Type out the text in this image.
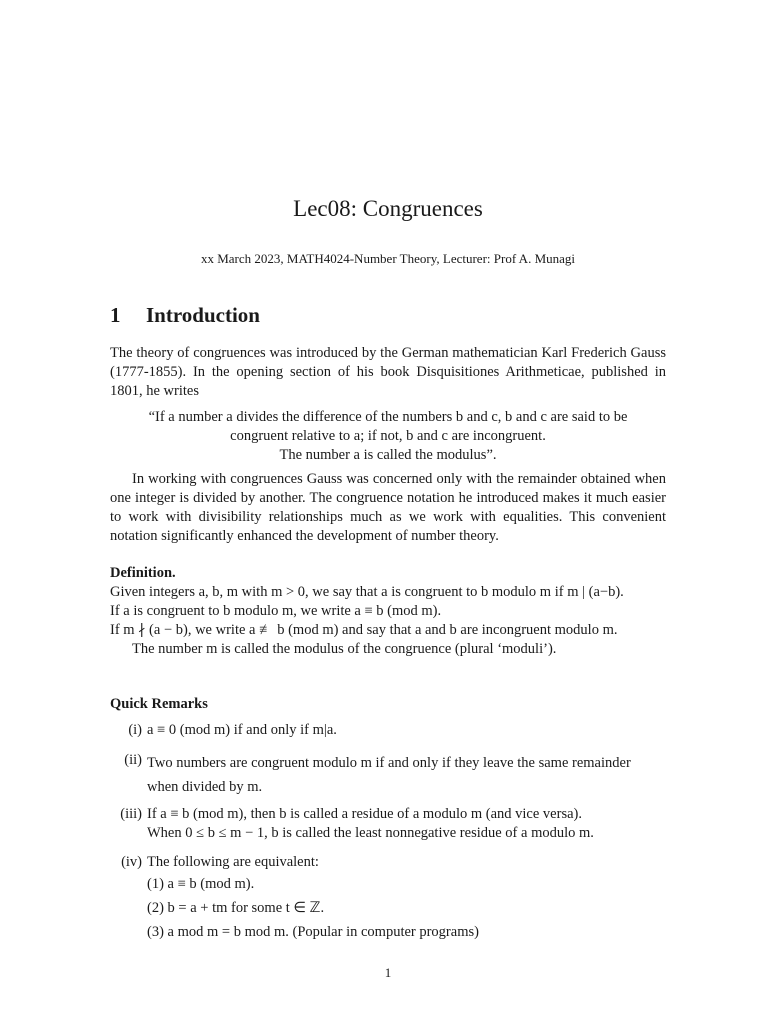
Lec08: Congruences

xx March 2023, MATH4024-Number Theory, Lecturer: Prof A. Munagi

1 Introduction
The theory of congruences was introduced by the German mathematician Karl Frederich Gauss (1777-1855). In the opening section of his book Disquisitiones Arithmeticae, published in 1801, he writes

“If a number a divides the difference of the numbers b and c, b and c are said to be

congruent relative to a; if not, b and c are incongruent.

The number a is called the modulus”.

In working with congruences Gauss was concerned only with the remainder obtained when one integer is divided by another. The congruence notation he introduced makes it much easier to work with divisibility relationships much as we work with equalities. This convenient notation significantly enhanced the development of number theory.

Definition.

Given integers a, b, m with m > 0, we say that a is congruent to b modulo m if m | (a−b).

If a is congruent to b modulo m, we write a ≡ b (mod m).

If m ∤ (a − b), we write a ≢ b (mod m) and say that a and b are incongruent modulo m.

The number m is called the modulus of the congruence (plural ‘moduli’).

Quick Remarks
(i) a ≡ 0 (mod m) if and only if m|a.

(ii) Two numbers are congruent modulo m if and only if they leave the same remainder

when divided by m.

(iii) If a ≡ b (mod m), then b is called a residue of a modulo m (and vice versa).

When 0 ≤ b ≤ m − 1, b is called the least nonnegative residue of a modulo m.

(iv) The following are equivalent:

(1) a ≡ b (mod m).
(2) b = a + tm for some t ∈ ℤ.
(3) a mod m = b mod m. (Popular in computer programs)
1
